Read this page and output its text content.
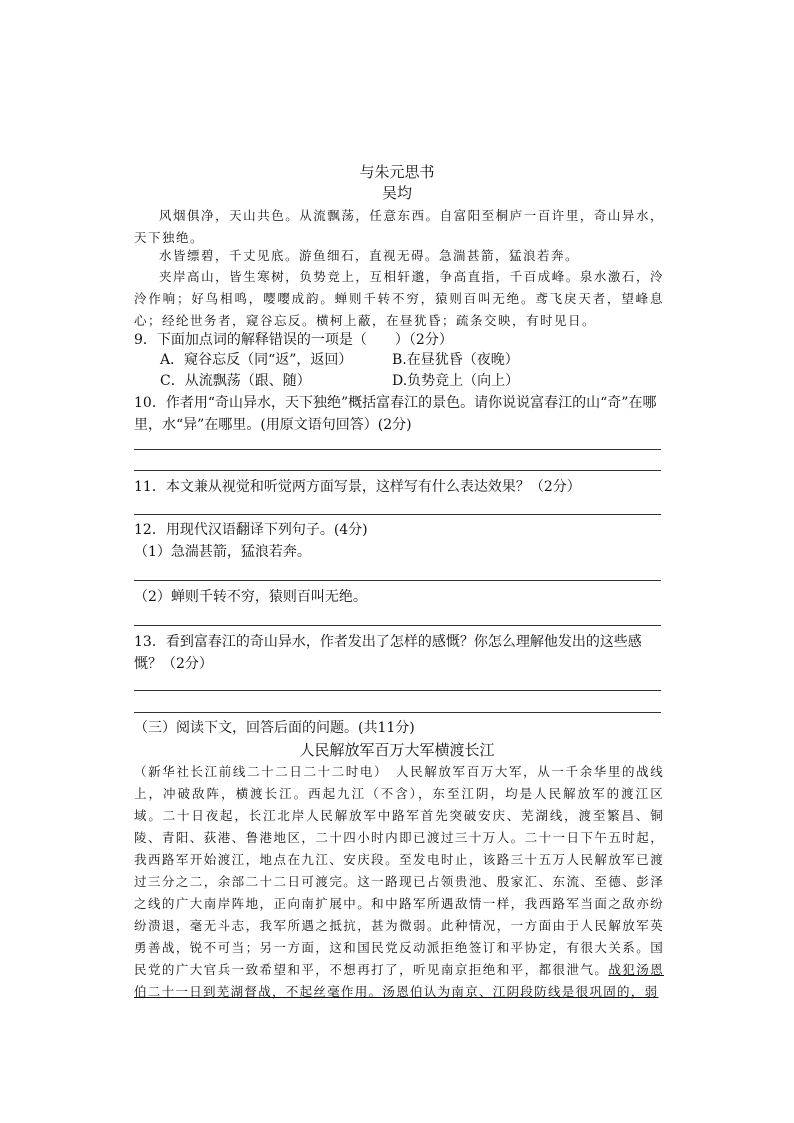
与朱元思书
吴均
风烟俱净，天山共色。从流飘荡，任意东西。自富阳至桐庐一百许里，奇山异水，天下独绝。
水皆缥碧，千丈见底。游鱼细石，直视无碍。急湍甚箭，猛浪若奔。
夹岸高山，皆生寒树，负势竞上，互相轩邈，争高直指，千百成峰。泉水激石，泠泠作响；好鸟相鸣，嘤嘤成韵。蝉则千转不穷，猿则百叫无绝。鸢飞戾天者，望峰息心；经纶世务者，窥谷忘反。横柯上蔽，在昼犹昏；疏条交映，有时见日。
9．下面加点词的解释错误的一项是（　　）（2分）
A．窥谷忘反（同“返”，返回）	B.在昼犹昏（夜晚）
C．从流飘荡（跟、随）	D.负势竞上（向上）
10．作者用“奇山异水，天下独绝”概括富春江的景色。请你说说富春江的山“奇”在哪里，水“异”在哪里。(用原文语句回答）(2分)
11．本文兼从视觉和听觉两方面写景，这样写有什么表达效果？（2分）
12．用现代汉语翻译下列句子。(4分)
（1）急湍甚箭，猛浪若奔。
（2）蝉则千转不穷，猿则百叫无绝。
13．看到富春江的奇山异水，作者发出了怎样的感慨？你怎么理解他发出的这些感慨？（2分）
（三）阅读下文，回答后面的问题。(共11分)
人民解放军百万大军横渡长江
（新华社长江前线二十二日二十二时电）　人民解放军百万大军，从一千余华里的战线上，冲破敌阵，横渡长江。西起九江（不含），东至江阴，均是人民解放军的渡江区域。二十日夜起，长江北岸人民解放军中路军首先突破安庆、芜湖线，渡至繁昌、铜陵、青阳、荻港、鲁港地区，二十四小时内即已渡过三十万人。二十一日下午五时起，我西路军开始渡江，地点在九江、安庆段。至发电时止，该路三十五万人民解放军已渡过三分之二，余部二十二日可渡完。这一路现已占领贵池、殷家汇、东流、至德、彭泽之线的广大南岸阵地，正向南扩展中。和中路军所遇敌情一样，我西路军当面之敌亦纷纷溃退，毫无斗志，我军所遇之抵抗，甚为微弱。此种情况，一方面由于人民解放军英勇善战，锐不可当；另一方面，这和国民党反动派拒绝签订和平协定，有很大关系。国民党的广大官兵一致希望和平，不想再打了，听见南京拒绝和平，都很泄气。战犯汤恩伯二十一日到芜湖督战，不起丝毫作用。汤恩伯认为南京、江阴段防线是很巩固的，弱
